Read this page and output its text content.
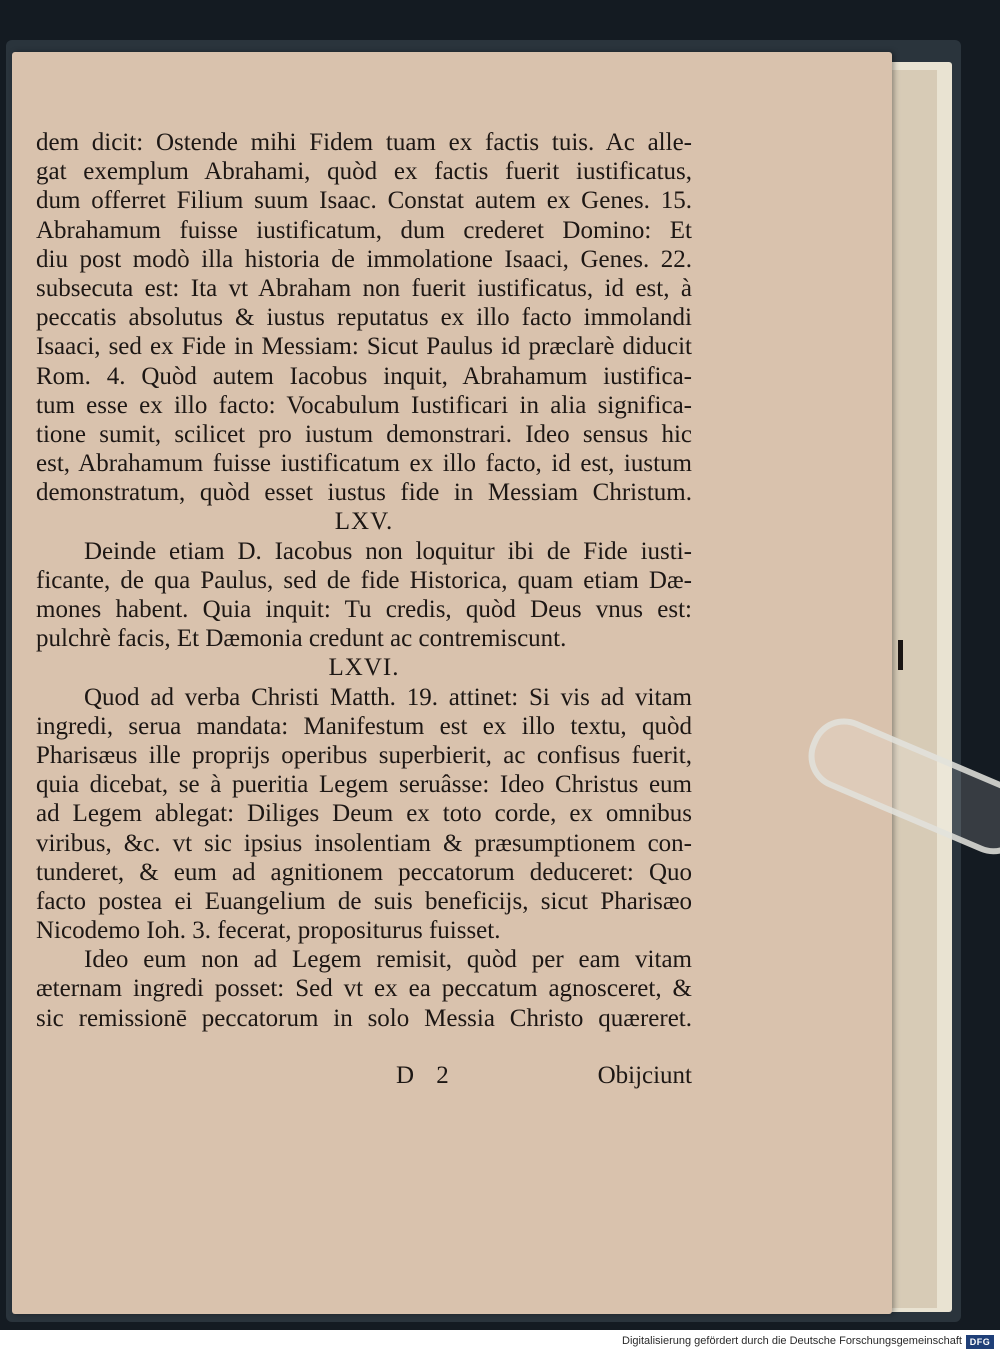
dem dicit: Ostende mihi Fidem tuam ex factis tuis. Ac alle-
gat exemplum Abrahami, quòd ex factis fuerit iustificatus,
dum offerret Filium suum Isaac. Constat autem ex Genes. 15.
Abrahamum fuisse iustificatum, dum crederet Domino: Et
diu post modò illa historia de immolatione Isaaci, Genes. 22.
subsecuta est: Ita vt Abraham non fuerit iustificatus, id est, à
peccatis absolutus & iustus reputatus ex illo facto immolandi
Isaaci, sed ex Fide in Messiam: Sicut Paulus id præclarè diducit
Rom. 4. Quòd autem Iacobus inquit, Abrahamum iustifica-
tum esse ex illo facto: Vocabulum Iustificari in alia significa-
tione sumit, scilicet pro iustum demonstrari. Ideo sensus hic
est, Abrahamum fuisse iustificatum ex illo facto, id est, iustum
demonstratum, quòd esset iustus fide in Messiam Christum.
LXV.
Deinde etiam D. Iacobus non loquitur ibi de Fide iusti-
ficante, de qua Paulus, sed de fide Historica, quam etiam Dæ-
mones habent. Quia inquit: Tu credis, quòd Deus vnus est:
pulchrè facis, Et Dæmonia credunt ac contremiscunt.
LXVI.
Quod ad verba Christi Matth. 19. attinet: Si vis ad vitam
ingredi, serua mandata: Manifestum est ex illo textu, quòd
Pharisæus ille proprijs operibus superbierit, ac confisus fuerit,
quia dicebat, se à pueritia Legem seruâsse: Ideo Christus eum
ad Legem ablegat: Diliges Deum ex toto corde, ex omnibus
viribus, &c. vt sic ipsius insolentiam & præsumptionem con-
tunderet, & eum ad agnitionem peccatorum deduceret: Quo
facto postea ei Euangelium de suis beneficijs, sicut Pharisæo
Nicodemo Ioh. 3. fecerat, propositurus fuisset.
Ideo eum non ad Legem remisit, quòd per eam vitam
æternam ingredi posset: Sed vt ex ea peccatum agnosceret, &
sic remissionē peccatorum in solo Messia Christo quæreret.
D 2	Obijciunt
Digitalisierung gefördert durch die Deutsche Forschungsgemeinschaft DFG
